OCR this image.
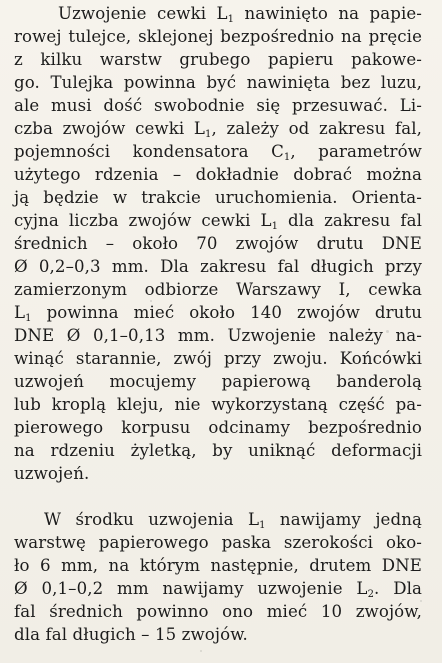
Uzwojenie cewki $L_1$ nawinięto na papie-
rowej tulejce, sklejonej bezpośrednio na pręcie
z kilku warstw grubego papieru pakowe-
go. Tulejka powinna być nawinięta bez luzu,
ale musi dość swobodnie się przesuwać. Li-
czba zwojów cewki $L_1$, zależy od zakresu fal,
pojemności kondensatora $C_1$, parametrów
użytego rdzenia – dokładnie dobrać można
ją będzie w trakcie uruchomienia. Orienta-
cyjna liczba zwojów cewki $L_1$ dla zakresu fal
średnich – około 70 zwojów drutu DNE
Ø 0,2–0,3 mm. Dla zakresu fal długich przy
zamierzonym odbiorze Warszawy I, cewka
$L_1$ powinna mieć około 140 zwojów drutu
DNE Ø 0,1–0,13 mm. Uzwojenie należy na-
winąć starannie, zwój przy zwoju. Końcówki
uzwojeń mocujemy papierową banderolą
lub kroplą kleju, nie wykorzystaną część pa-
pierowego korpusu odcinamy bezpośrednio
na rdzeniu żyletką, by uniknąć deformacji
uzwojeń.
W środku uzwojenia $L_1$ nawijamy jedną
warstwę papierowego paska szerokości oko-
ło 6 mm, na którym następnie, drutem DNE
Ø 0,1–0,2 mm nawijamy uzwojenie $L_2$. Dla
fal średnich powinno ono mieć 10 zwojów,
dla fal długich – 15 zwojów.
